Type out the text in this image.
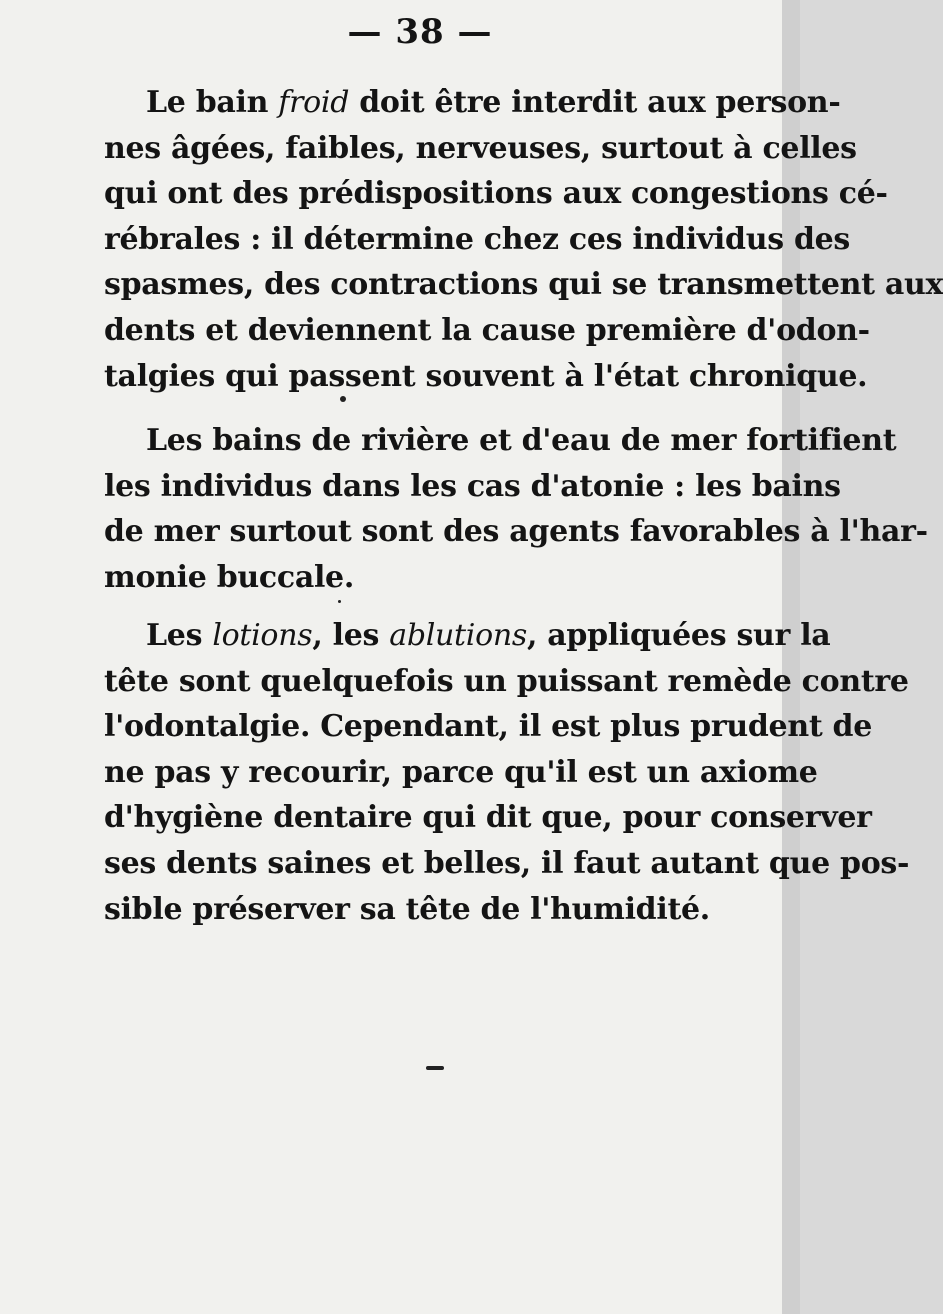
— 38 —
Le bain froid doit être interdit aux person-
nes âgées, faibles, nerveuses, surtout à celles
qui ont des prédispositions aux congestions cé-
rébrales : il détermine chez ces individus des
spasmes, des contractions qui se transmettent aux
dents et deviennent la cause première d'odon-
talgies qui passent souvent à l'état chronique.
Les bains de rivière et d'eau de mer fortifient
les individus dans les cas d'atonie : les bains
de mer surtout sont des agents favorables à l'har-
monie buccale.
Les lotions, les ablutions, appliquées sur la
tête sont quelquefois un puissant remède contre
l'odontalgie. Cependant, il est plus prudent de
ne pas y recourir, parce qu'il est un axiome
d'hygiène dentaire qui dit que, pour conserver
ses dents saines et belles, il faut autant que pos-
sible préserver sa tête de l'humidité.
